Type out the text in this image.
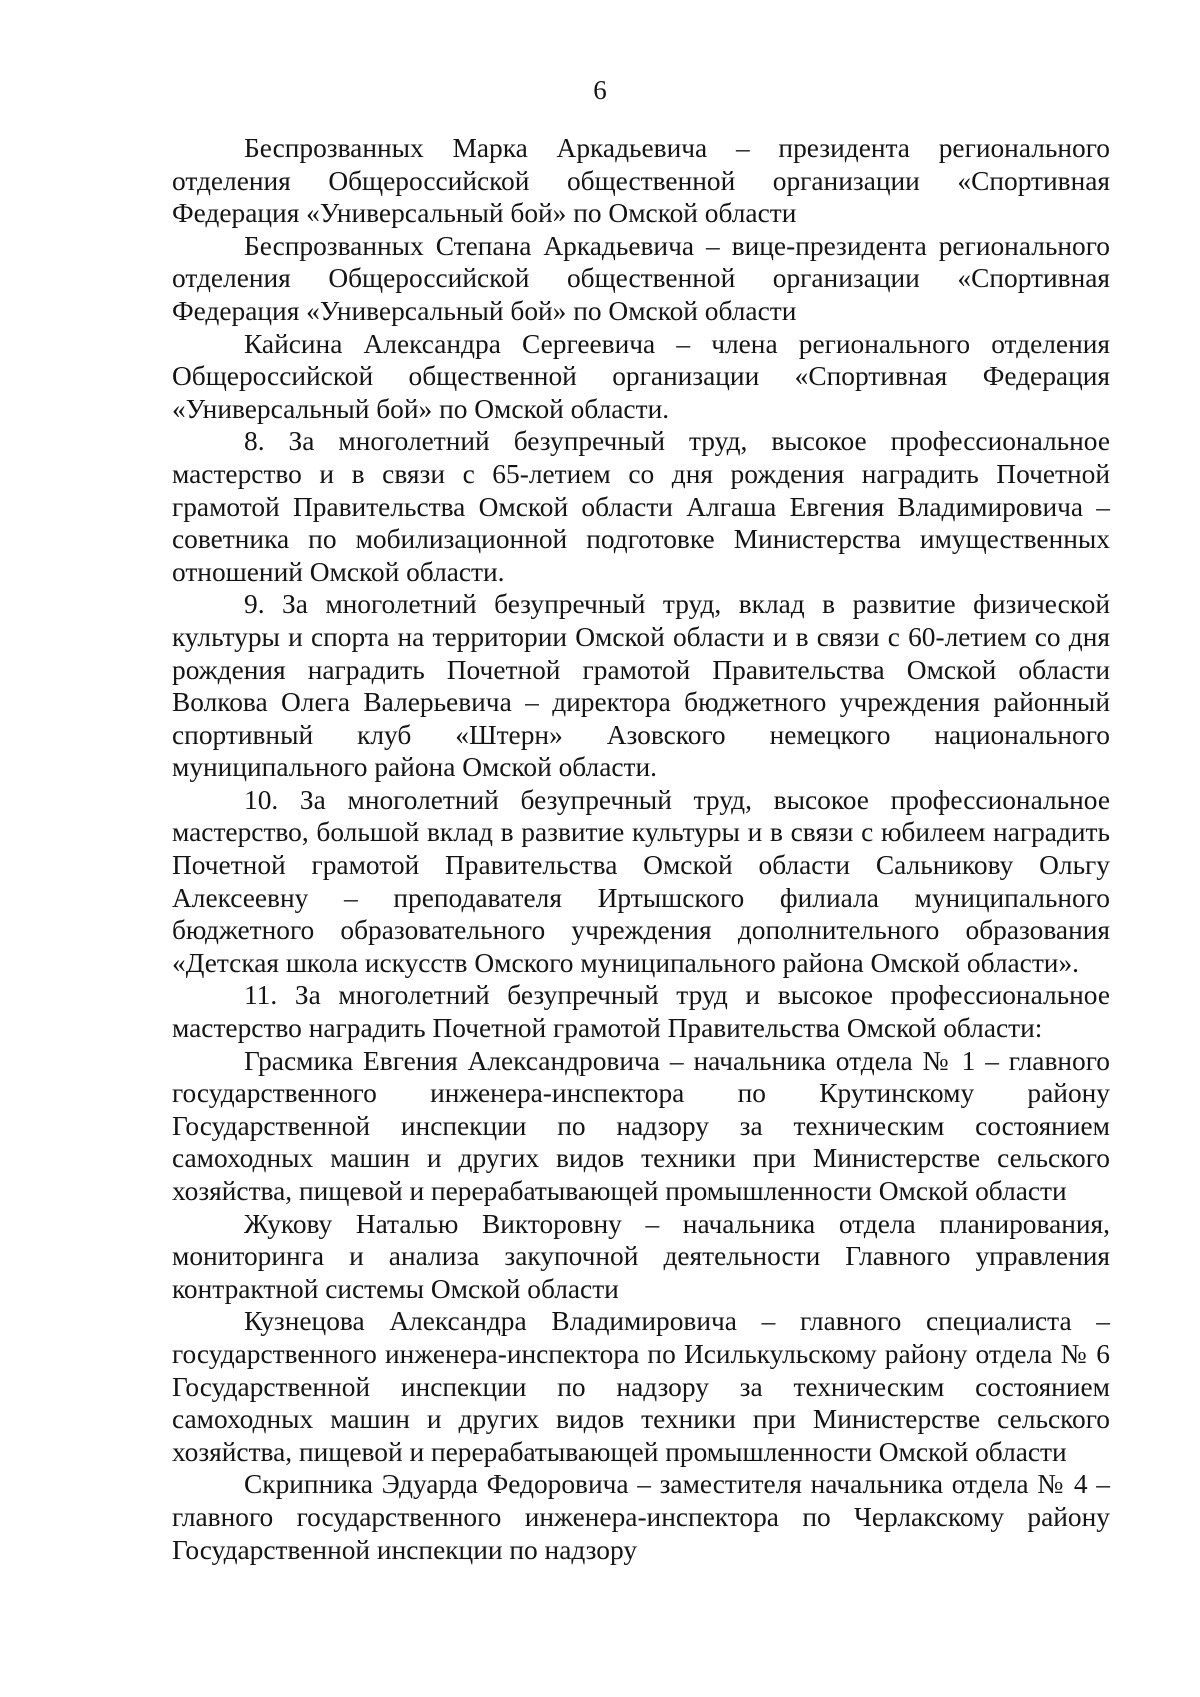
6

Беспрозванных Марка Аркадьевича – президента регионального отделения Общероссийской общественной организации «Спортивная Федерация «Универсальный бой» по Омской области

Беспрозванных Степана Аркадьевича – вице-президента регионального отделения Общероссийской общественной организации «Спортивная Федерация «Универсальный бой» по Омской области

Кайсина Александра Сергеевича – члена регионального отделения Общероссийской общественной организации «Спортивная Федерация «Универсальный бой» по Омской области.

8. За многолетний безупречный труд, высокое профессиональное мастерство и в связи с 65-летием со дня рождения наградить Почетной грамотой Правительства Омской области Алгаша Евгения Владимировича – советника по мобилизационной подготовке Министерства имущественных отношений Омской области.

9. За многолетний безупречный труд, вклад в развитие физической культуры и спорта на территории Омской области и в связи с 60-летием со дня рождения наградить Почетной грамотой Правительства Омской области Волкова Олега Валерьевича – директора бюджетного учреждения районный спортивный клуб «Штерн» Азовского немецкого национального муниципального района Омской области.

10. За многолетний безупречный труд, высокое профессиональное мастерство, большой вклад в развитие культуры и в связи с юбилеем наградить Почетной грамотой Правительства Омской области Сальникову Ольгу Алексеевну – преподавателя Иртышского филиала муниципального бюджетного образовательного учреждения дополнительного образования «Детская школа искусств Омского муниципального района Омской области».

11. За многолетний безупречный труд и высокое профессиональное мастерство наградить Почетной грамотой Правительства Омской области:

Грасмика Евгения Александровича – начальника отдела № 1 – главного государственного инженера-инспектора по Крутинскому району Государственной инспекции по надзору за техническим состоянием самоходных машин и других видов техники при Министерстве сельского хозяйства, пищевой и перерабатывающей промышленности Омской области

Жукову Наталью Викторовну – начальника отдела планирования, мониторинга и анализа закупочной деятельности Главного управления контрактной системы Омской области

Кузнецова Александра Владимировича – главного специалиста – государственного инженера-инспектора по Исилькульскому району отдела № 6 Государственной инспекции по надзору за техническим состоянием самоходных машин и других видов техники при Министерстве сельского хозяйства, пищевой и перерабатывающей промышленности Омской области

Скрипника Эдуарда Федоровича – заместителя начальника отдела № 4 – главного государственного инженера-инспектора по Черлакскому району Государственной инспекции по надзору
